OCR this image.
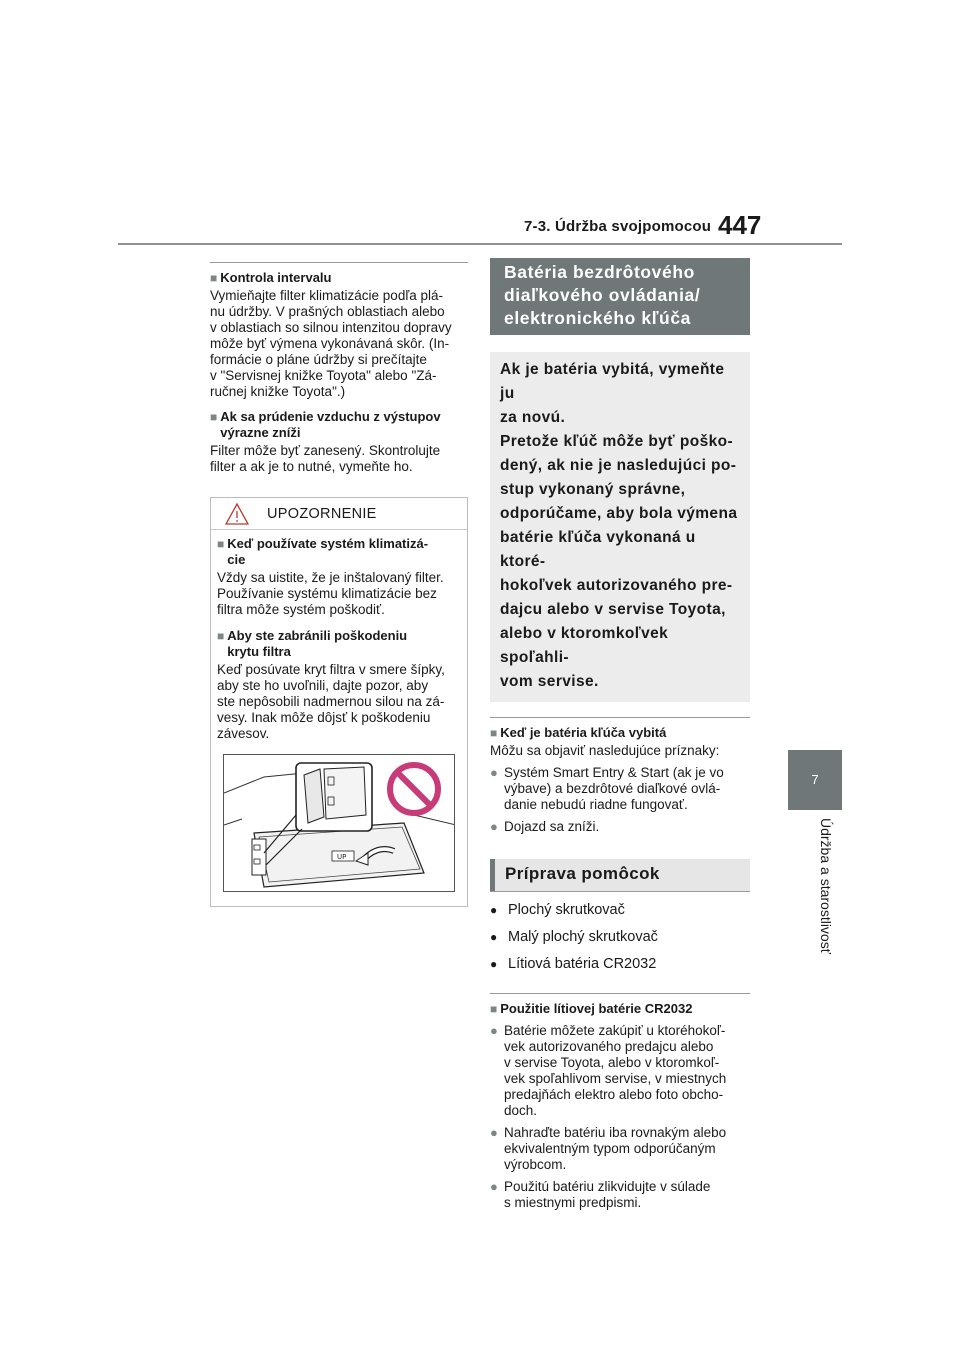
7-3. Údržba svojpomocou 447
7
Údržba a starostlivosť
■ Kontrola intervalu
Vymieňajte filter klimatizácie podľa plá-
nu údržby. V prašných oblastiach alebo
v oblastiach so silnou intenzitou dopravy
môže byť výmena vykonávaná skôr. (In-
formácie o pláne údržby si prečítajte
v "Servisnej knižke Toyota" alebo "Zá-
ručnej knižke Toyota".)
■ Ak sa prúdenie vzduchu z výstupov
výrazne zníži
Filter môže byť zanesený. Skontrolujte
filter a ak je to nutné, vymeňte ho.
UPOZORNENIE
■ Keď používate systém klimatizá-
cie
Vždy sa uistite, že je inštalovaný filter.
Používanie systému klimatizácie bez
filtra môže systém poškodiť.
■ Aby ste zabránili poškodeniu
krytu filtra
Keď posúvate kryt filtra v smere šípky,
aby ste ho uvoľnili, dajte pozor, aby
ste nepôsobili nadmernou silou na zá-
vesy. Inak môže dôjsť k poškodeniu
závesov.
UP
Batéria bezdrôtového
diaľkového ovládania/
elektronického kľúča
Ak je batéria vybitá, vymeňte ju
za novú.
Pretože kľúč môže byť poško-
dený, ak nie je nasledujúci po-
stup vykonaný správne,
odporúčame, aby bola výmena
batérie kľúča vykonaná u ktoré-
hokoľvek autorizovaného pre-
dajcu alebo v servise Toyota,
alebo v ktoromkoľvek spoľahli-
vom servise.
■ Keď je batéria kľúča vybitá
Môžu sa objaviť nasledujúce príznaky:
● Systém Smart Entry & Start (ak je vo
výbave) a bezdrôtové diaľkové ovlá-
danie nebudú riadne fungovať.
● Dojazd sa zníži.
Príprava pomôcok
● Plochý skrutkovač
● Malý plochý skrutkovač
● Lítiová batéria CR2032
■ Použitie lítiovej batérie CR2032
● Batérie môžete zakúpiť u ktoréhokoľ-
vek autorizovaného predajcu alebo
v servise Toyota, alebo v ktoromkoľ-
vek spoľahlivom servise, v miestnych
predajňách elektro alebo foto obcho-
doch.
● Nahraďte batériu iba rovnakým alebo
ekvivalentným typom odporúčaným
výrobcom.
● Použitú batériu zlikvidujte v súlade
s miestnymi predpismi.
